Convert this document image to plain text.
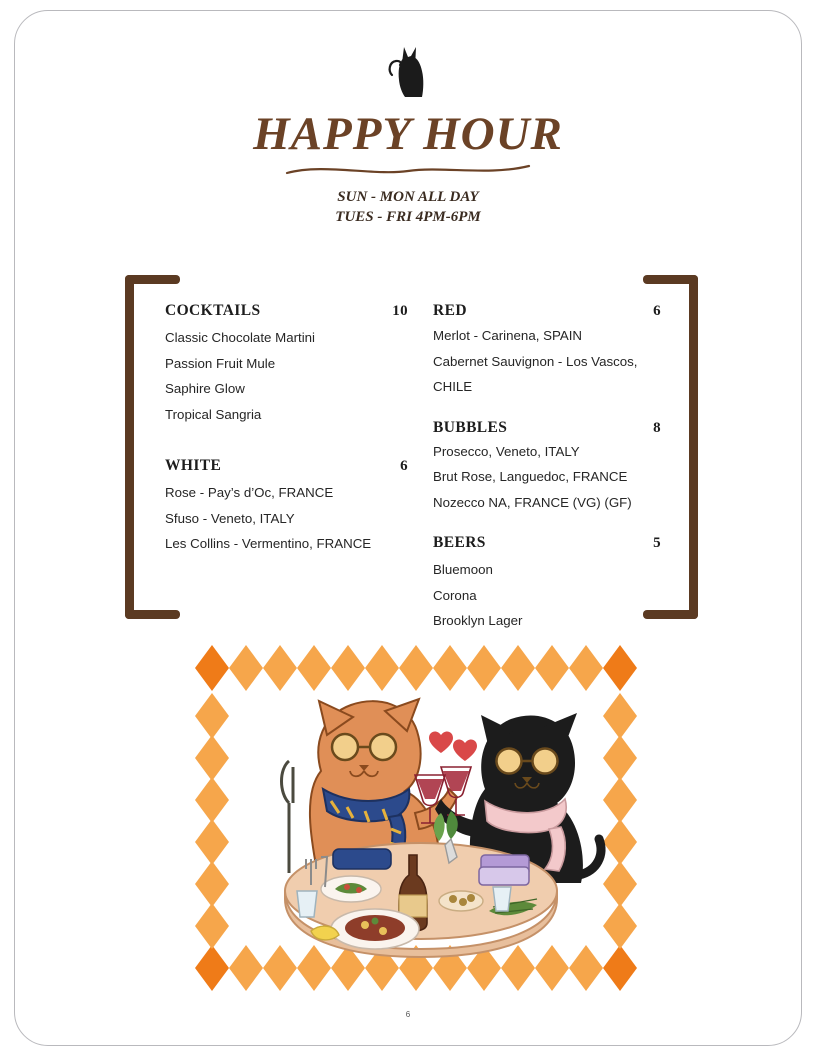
HAPPY HOUR
SUN - MON ALL DAY
TUES - FRI 4PM-6PM
COCKTAILS	10
Classic Chocolate Martini
Passion Fruit Mule
Saphire Glow
Tropical Sangria
WHITE	6
Rose - Pay’s d’Oc, FRANCE
Sfuso - Veneto, ITALY
Les Collins - Vermentino, FRANCE
RED	6
Merlot - Carinena, SPAIN
Cabernet Sauvignon - Los Vascos, CHILE
BUBBLES	8
Prosecco, Veneto, ITALY
Brut Rose, Languedoc, FRANCE
Nozecco NA, FRANCE (VG) (GF)
BEERS	5
Bluemoon
Corona
Brooklyn Lager
6
